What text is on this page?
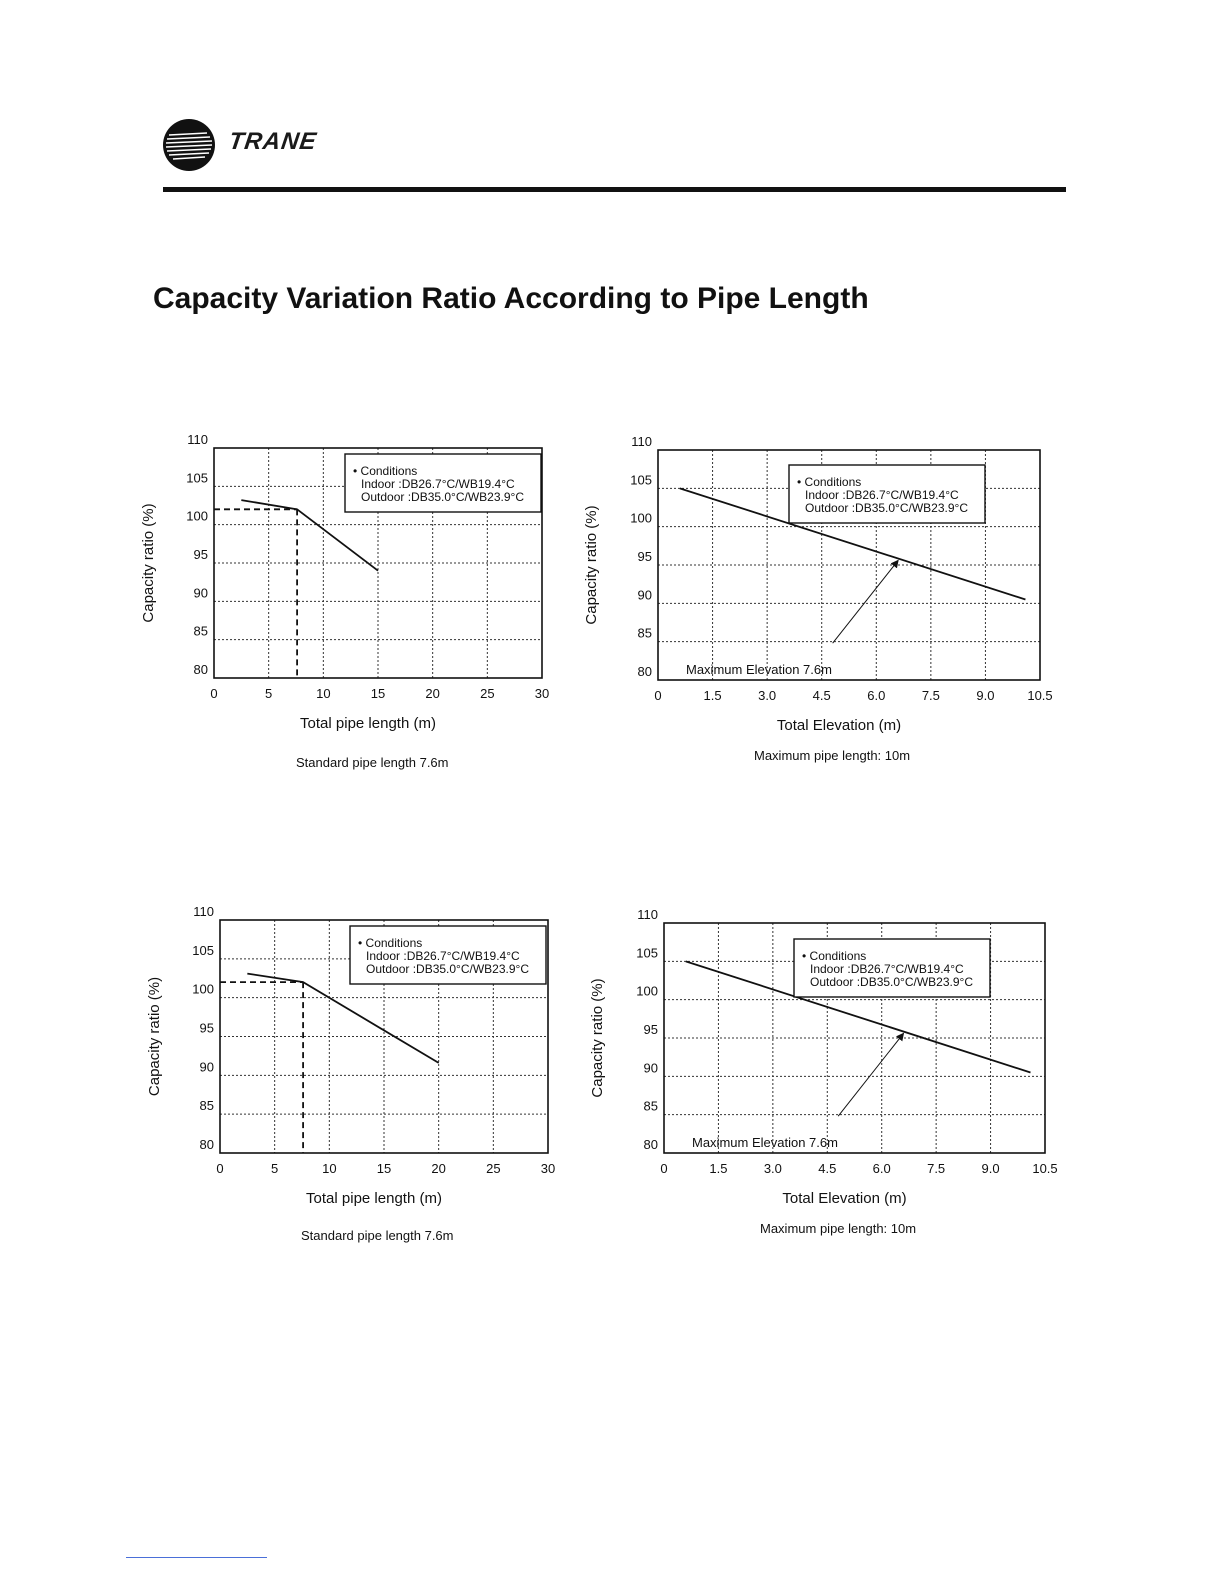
TRANE
Capacity Variation Ratio According to Pipe Length
0	5	10	15	20	25	30
110
105
100
95
90
85
80
Total pipe length (m)
Capacity ratio (%)
• Conditions
Indoor :DB26.7°C/WB19.4°C
Outdoor :DB35.0°C/WB23.9°C
0	1.5	3.0	4.5	6.0	7.5	9.0	10.5
110
105
100
95
90
85
80
Total Elevation (m)
Capacity ratio (%)
Maximum Elevation 7.6m
• Conditions
Indoor :DB26.7°C/WB19.4°C
Outdoor :DB35.0°C/WB23.9°C
0	5	10	15	20	25	30
110
105
100
95
90
85
80
Total pipe length (m)
Capacity ratio (%)
• Conditions
Indoor :DB26.7°C/WB19.4°C
Outdoor :DB35.0°C/WB23.9°C
0	1.5	3.0	4.5	6.0	7.5	9.0	10.5
110
105
100
95
90
85
80
Total Elevation (m)
Capacity ratio (%)
Maximum Elevation 7.6m
• Conditions
Indoor :DB26.7°C/WB19.4°C
Outdoor :DB35.0°C/WB23.9°C
Standard pipe length 7.6m	Maximum pipe length: 10m
Standard pipe length 7.6m	Maximum pipe length: 10m
